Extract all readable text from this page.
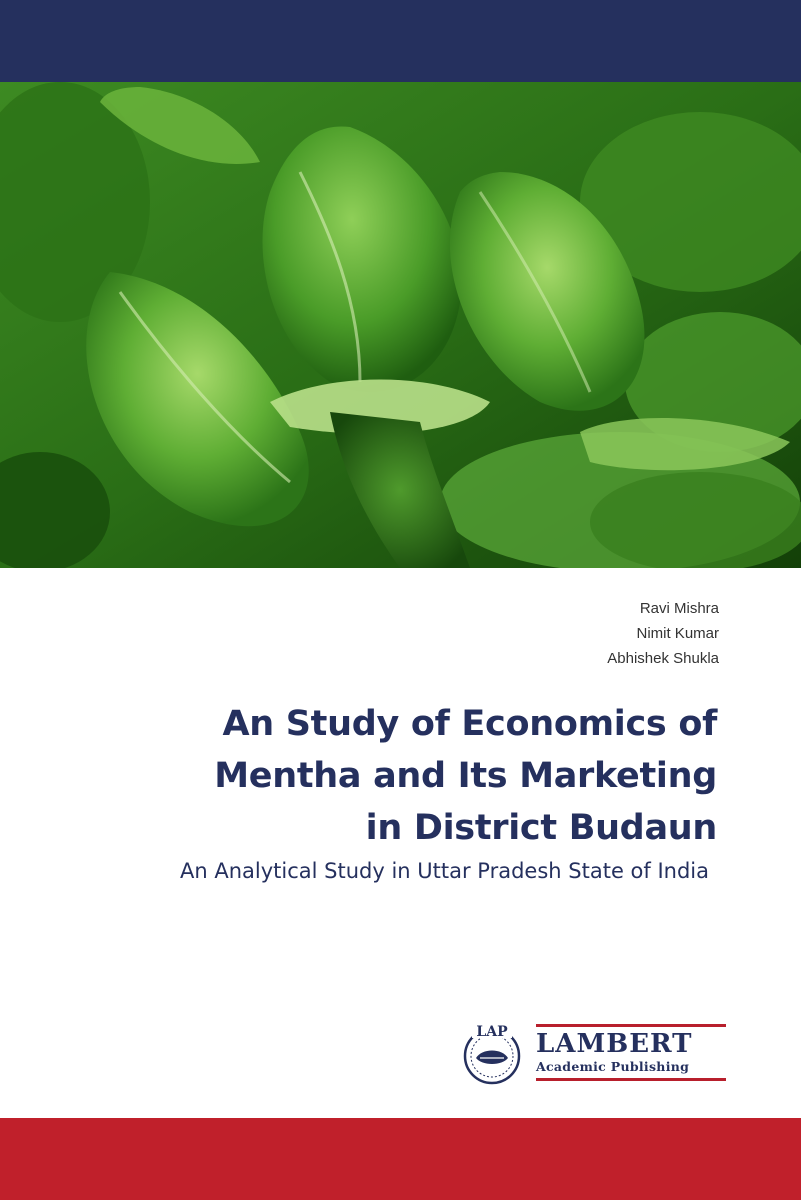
Ravi Mishra
Nimit Kumar
Abhishek Shukla
An Study of Economics of
Mentha and Its Marketing
in District Budaun
An Analytical Study in Uttar Pradesh State of India
LAP LAMBERT
Academic Publishing
